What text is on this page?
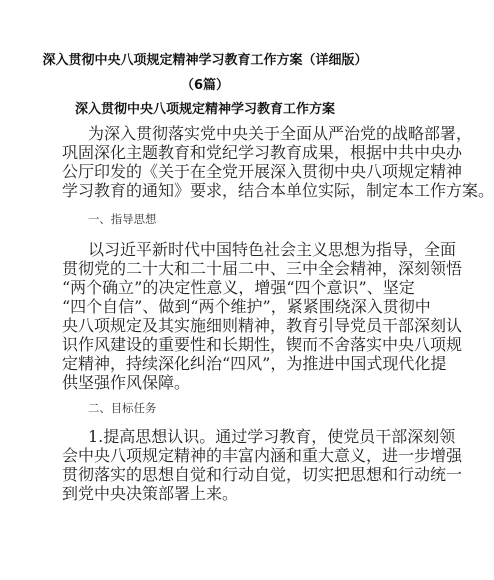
深入贯彻中央八项规定精神学习教育工作方案（详细版）
（6篇）
深入贯彻中央八项规定精神学习教育工作方案
为深入贯彻落实党中央关于全面从严治党的战略部署，
巩固深化主题教育和党纪学习教育成果，根据中共中央办
公厅印发的《关于在全党开展深入贯彻中央八项规定精神
学习教育的通知》要求，结合本单位实际，制定本工作方案。
一、指导思想
以习近平新时代中国特色社会主义思想为指导，全面
贯彻党的二十大和二十届二中、三中全会精神，深刻领悟
“两个确立”的决定性意义，增强“四个意识”、坚定
“四个自信”、做到“两个维护”，紧紧围绕深入贯彻中
央八项规定及其实施细则精神，教育引导党员干部深刻认
识作风建设的重要性和长期性，锲而不舍落实中央八项规
定精神，持续深化纠治“四风”，为推进中国式现代化提
供坚强作风保障。
二、目标任务
1.提高思想认识。通过学习教育，使党员干部深刻领
会中央八项规定精神的丰富内涵和重大意义，进一步增强
贯彻落实的思想自觉和行动自觉，切实把思想和行动统一
到党中央决策部署上来。
